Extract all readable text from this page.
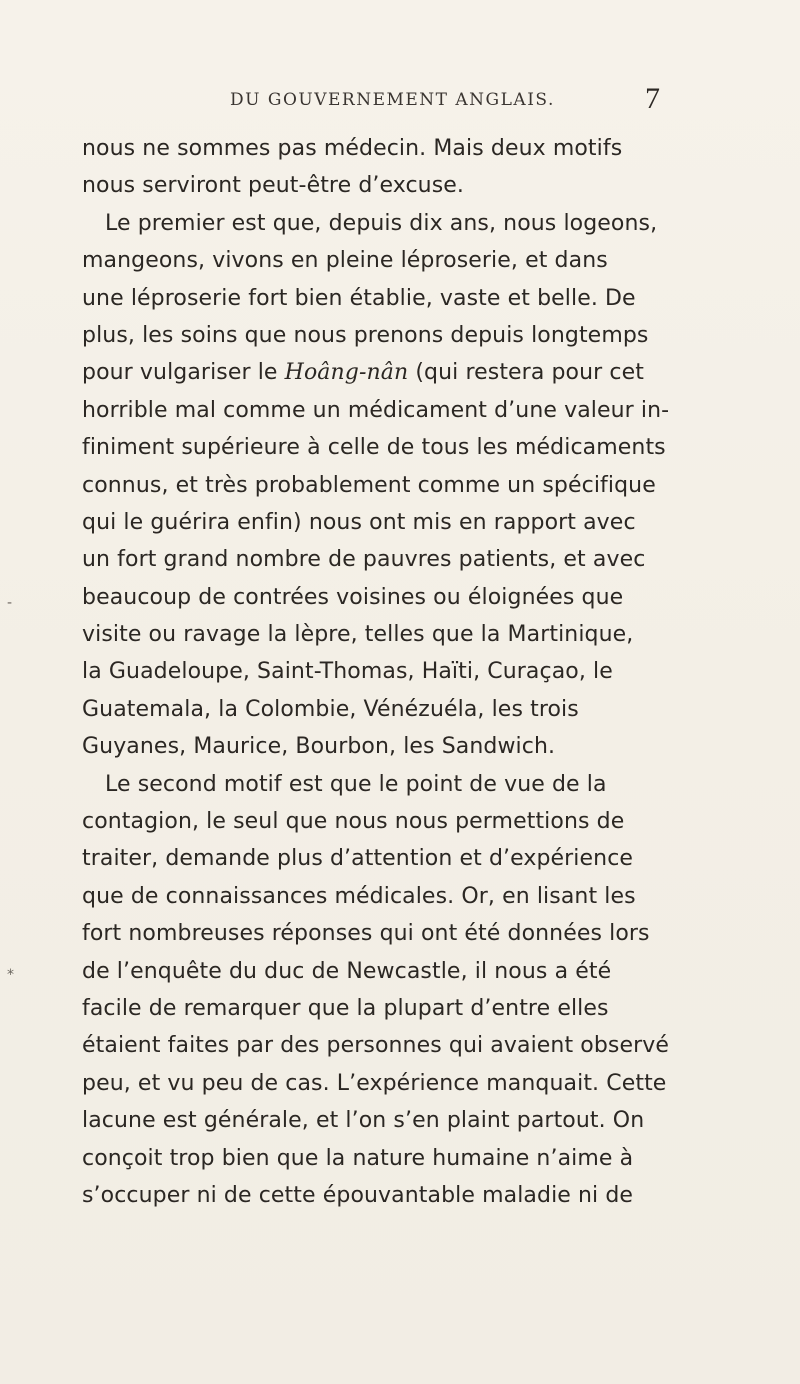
DU GOUVERNEMENT ANGLAIS.	7
nous ne sommes pas médecin. Mais deux motifs
nous serviront peut-être d’excuse.
Le premier est que, depuis dix ans, nous logeons,
mangeons, vivons en pleine léproserie, et dans
une léproserie fort bien établie, vaste et belle. De
plus, les soins que nous prenons depuis longtemps
pour vulgariser le Hoâng-nân (qui restera pour cet
horrible mal comme un médicament d’une valeur in-
finiment supérieure à celle de tous les médicaments
connus, et très probablement comme un spécifique
qui le guérira enfin) nous ont mis en rapport avec
un fort grand nombre de pauvres patients, et avec
beaucoup de contrées voisines ou éloignées que
visite ou ravage la lèpre, telles que la Martinique,
la Guadeloupe, Saint-Thomas, Haïti, Curaçao, le
Guatemala, la Colombie, Vénézuéla, les trois
Guyanes, Maurice, Bourbon, les Sandwich.
Le second motif est que le point de vue de la
contagion, le seul que nous nous permettions de
traiter, demande plus d’attention et d’expérience
que de connaissances médicales. Or, en lisant les
fort nombreuses réponses qui ont été données lors
de l’enquête du duc de Newcastle, il nous a été
facile de remarquer que la plupart d’entre elles
étaient faites par des personnes qui avaient observé
peu, et vu peu de cas. L’expérience manquait. Cette
lacune est générale, et l’on s’en plaint partout. On
conçoit trop bien que la nature humaine n’aime à
s’occuper ni de cette épouvantable maladie ni de
-
*
